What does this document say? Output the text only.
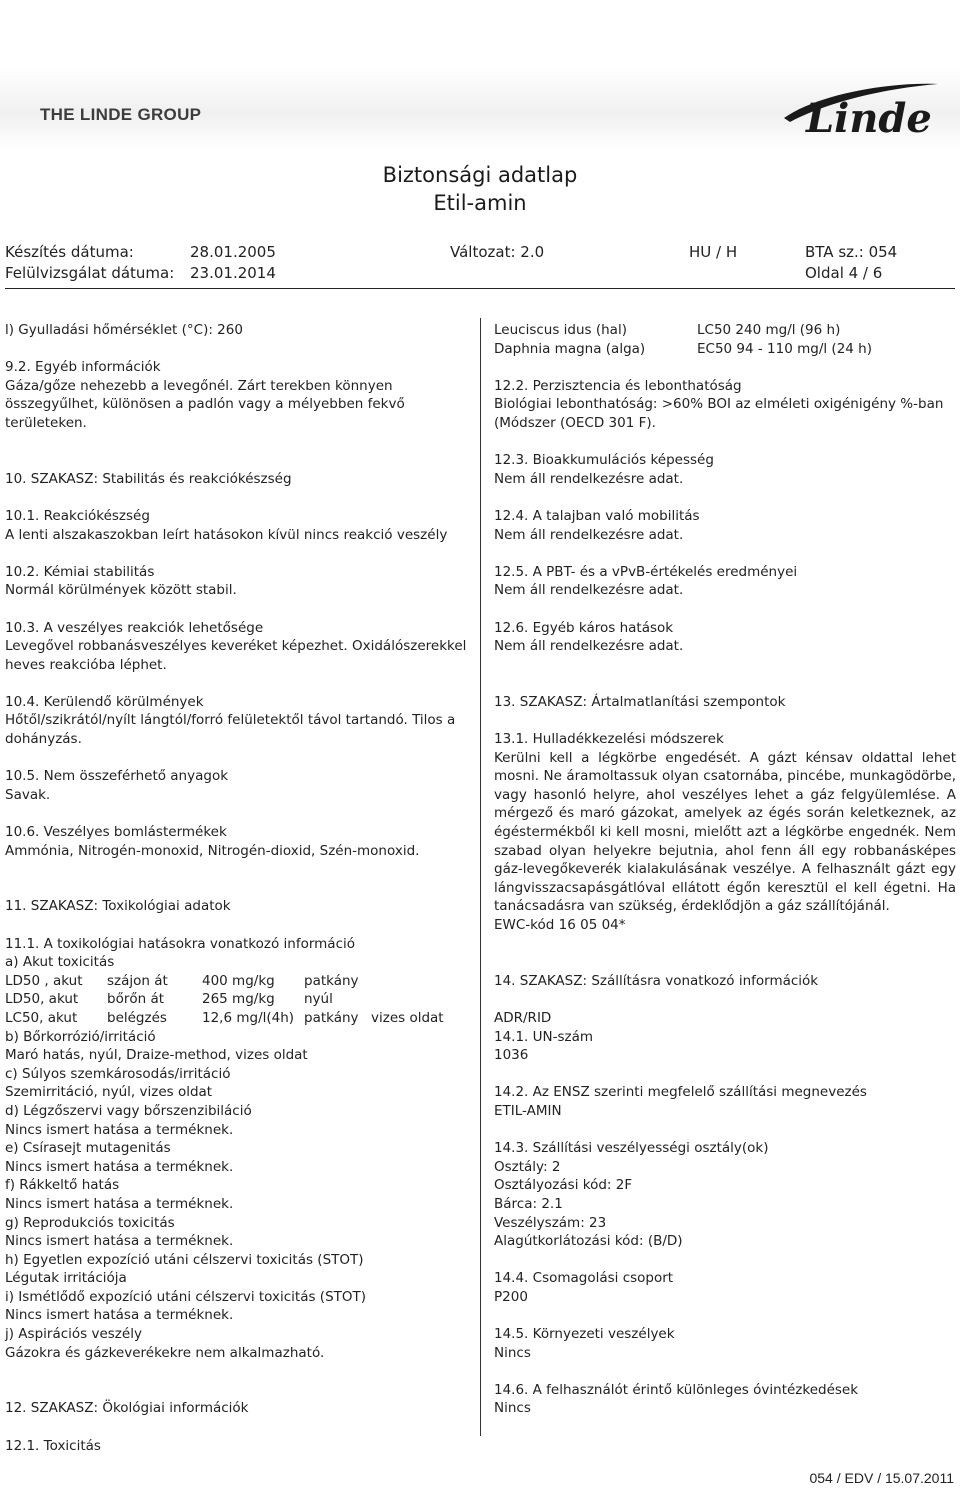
THE LINDE GROUP	Linde
Biztonsági adatlap
Etil-amin
Készítés dátuma:	28.01.2005	Változat: 2.0	HU / H	BTA sz.: 054
Felülvizsgálat dátuma: 23.01.2014	Oldal 4 / 6

l) Gyulladási hőmérséklet (°C): 260

9.2. Egyéb információk

Gáza/gőze nehezebb a levegőnél. Zárt terekben könnyen összegyűlhet, különösen a padlón vagy a mélyebben fekvő területeken.

10. SZAKASZ: Stabilitás és reakciókészség

10.1. Reakciókészség

A lenti alszakaszokban leírt hatásokon kívül nincs reakció veszély

10.2. Kémiai stabilitás

Normál körülmények között stabil.

10.3. A veszélyes reakciók lehetősége

Levegővel robbanásveszélyes keveréket képezhet. Oxidálószerekkel heves reakcióba léphet.

10.4. Kerülendő körülmények

Hőtől/szikrától/nyílt lángtól/forró felületektől távol tartandó. Tilos a dohányzás.

10.5. Nem összeférhető anyagok

Savak.

10.6. Veszélyes bomlástermékek

Ammónia, Nitrogén-monoxid, Nitrogén-dioxid, Szén-monoxid.

11. SZAKASZ: Toxikológiai adatok

11.1. A toxikológiai hatásokra vonatkozó információ

a) Akut toxicitás

LD50 , akut	szájon át	400 mg/kg	patkány
LD50, akut	bőrőn át	265 mg/kg	nyúl
LC50, akut	belégzés	12,6 mg/l(4h) patkány vizes oldat

b) Bőrkorrózió/irritáció

Maró hatás, nyúl, Draize-method, vizes oldat

c) Súlyos szemkárosodás/irritáció

Szemirritáció, nyúl, vizes oldat

d) Légzőszervi vagy bőrszenzibiláció

Nincs ismert hatása a terméknek.

e) Csírasejt mutagenitás

Nincs ismert hatása a terméknek.

f) Rákkeltő hatás

Nincs ismert hatása a terméknek.

g) Reprodukciós toxicitás

Nincs ismert hatása a terméknek.

h) Egyetlen expozíció utáni célszervi toxicitás (STOT)

Légutak irritációja

i) Ismétlődő expozíció utáni célszervi toxicitás (STOT)

Nincs ismert hatása a terméknek.

j) Aspirációs veszély

Gázokra és gázkeverékekre nem alkalmazható.

12. SZAKASZ: Ökológiai információk

12.1. Toxicitás

Leuciscus idus (hal)	LC50 240 mg/l (96 h)
Daphnia magna (alga)	EC50 94 - 110 mg/l (24 h)

12.2. Perzisztencia és lebonthatóság

Biológiai lebonthatóság: >60% BOI az elméleti oxigénigény %-ban (Módszer (OECD 301 F).

12.3. Bioakkumulációs képesség

Nem áll rendelkezésre adat.

12.4. A talajban való mobilitás

Nem áll rendelkezésre adat.

12.5. A PBT- és a vPvB-értékelés eredményei

Nem áll rendelkezésre adat.

12.6. Egyéb káros hatások

Nem áll rendelkezésre adat.

13. SZAKASZ: Ártalmatlanítási szempontok

13.1. Hulladékkezelési módszerek

Kerülni kell a légkörbe engedését. A gázt kénsav oldattal lehet mosni. Ne áramoltassuk olyan csatornába, pincébe, munkagödörbe, vagy hasonló helyre, ahol veszélyes lehet a gáz felgyülemlése. A mérgező és maró gázokat, amelyek az égés során keletkeznek, az égéstermékből ki kell mosni, mielőtt azt a légkörbe engednék. Nem szabad olyan helyekre bejutnia, ahol fenn áll egy robbanásképes gáz-levegőkeverék kialakulásának veszélye. A felhasznált gázt egy lángvisszacsapásgátlóval ellátott égőn keresztül el kell égetni. Ha tanácsadásra van szükség, érdeklődjön a gáz szállítójánál.

EWC-kód 16 05 04*

14. SZAKASZ: Szállításra vonatkozó információk

ADR/RID

14.1. UN-szám

1036

14.2. Az ENSZ szerinti megfelelő szállítási megnevezés

ETIL-AMIN

14.3. Szállítási veszélyességi osztály(ok)

Osztály: 2

Osztályozási kód: 2F

Bárca: 2.1

Veszélyszám: 23

Alagútkorlátozási kód: (B/D)

14.4. Csomagolási csoport

P200

14.5. Környezeti veszélyek

Nincs

14.6. A felhasználót érintő különleges óvintézkedések

Nincs

054 / EDV / 15.07.2011
